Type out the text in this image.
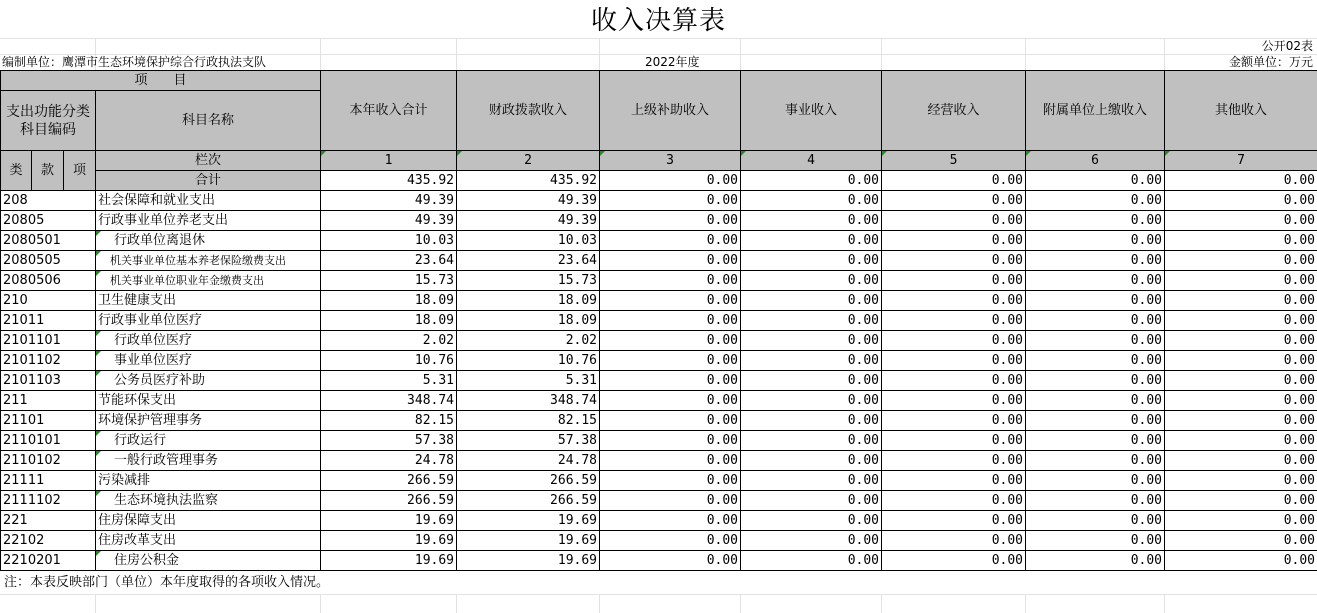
收入决算表
公开02表
编制单位：鹰潭市生态环境保护综合行政执法支队	2022年度	金额单位：万元
项　　目				本年收入合计	财政拨款收入	上级补助收入	事业收入	经营收入	附属单位上缴收入	其他收入
支出功能分类科目编码			科目名称							

类	款	项	栏次	1	2	3	4	5	6	7
			合计	435.92	435.92	0.00	0.00	0.00	0.00	0.00
208			社会保障和就业支出	49.39	49.39	0.00	0.00	0.00	0.00	0.00
20805			行政事业单位养老支出	49.39	49.39	0.00	0.00	0.00	0.00	0.00
2080501			行政单位离退休	10.03	10.03	0.00	0.00	0.00	0.00	0.00
2080505			机关事业单位基本养老保险缴费支出	23.64	23.64	0.00	0.00	0.00	0.00	0.00
2080506			机关事业单位职业年金缴费支出	15.73	15.73	0.00	0.00	0.00	0.00	0.00
210			卫生健康支出	18.09	18.09	0.00	0.00	0.00	0.00	0.00
21011			行政事业单位医疗	18.09	18.09	0.00	0.00	0.00	0.00	0.00
2101101			行政单位医疗	2.02	2.02	0.00	0.00	0.00	0.00	0.00
2101102			事业单位医疗	10.76	10.76	0.00	0.00	0.00	0.00	0.00
2101103			公务员医疗补助	5.31	5.31	0.00	0.00	0.00	0.00	0.00
211			节能环保支出	348.74	348.74	0.00	0.00	0.00	0.00	0.00
21101			环境保护管理事务	82.15	82.15	0.00	0.00	0.00	0.00	0.00
2110101			行政运行	57.38	57.38	0.00	0.00	0.00	0.00	0.00
2110102			一般行政管理事务	24.78	24.78	0.00	0.00	0.00	0.00	0.00
21111			污染减排	266.59	266.59	0.00	0.00	0.00	0.00	0.00
2111102			生态环境执法监察	266.59	266.59	0.00	0.00	0.00	0.00	0.00
221			住房保障支出	19.69	19.69	0.00	0.00	0.00	0.00	0.00
22102			住房改革支出	19.69	19.69	0.00	0.00	0.00	0.00	0.00
2210201			住房公积金	19.69	19.69	0.00	0.00	0.00	0.00	0.00
注：本表反映部门（单位）本年度取得的各项收入情况。
